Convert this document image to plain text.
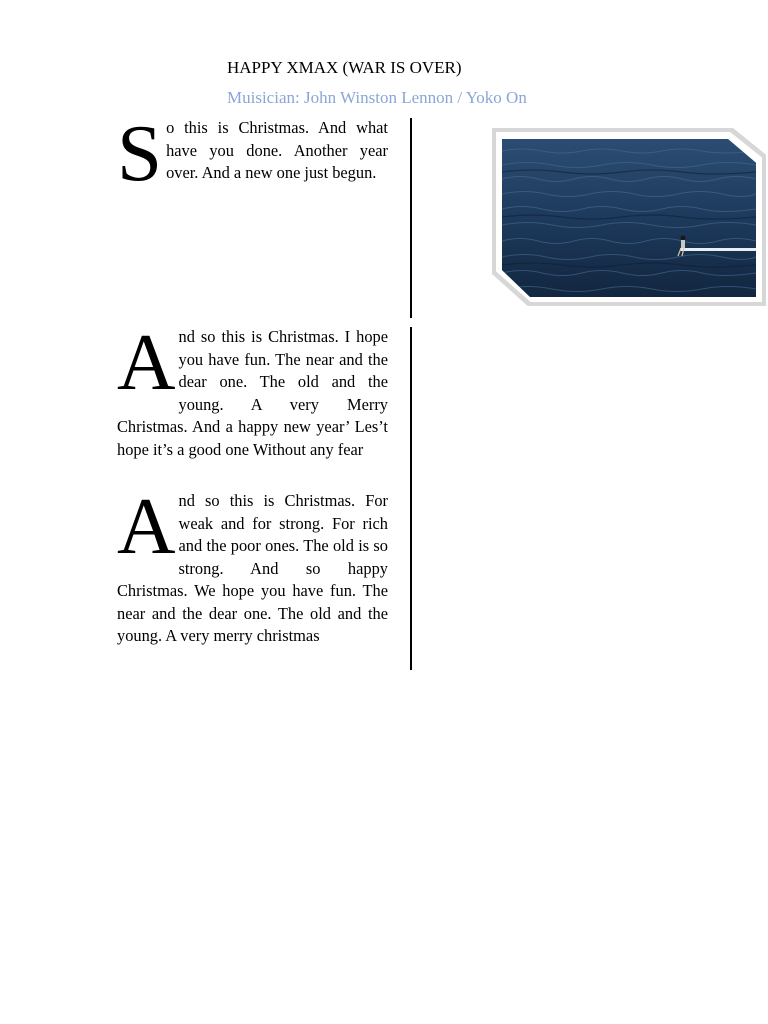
HAPPY XMAX (WAR IS OVER)
Muisician: John Winston Lennon / Yoko On

S o this is Christmas. And what have you done. Another year over. And a new one just begun.

A nd so this is Christmas. I hope you have fun. The near and the dear one. The old and the young. A very Merry Christmas. And a happy new year’ Les’t hope it’s a good one Without any fear

A nd so this is Christmas. For weak and for strong. For rich and the poor ones. The old is so strong. And so happy Christmas. We hope you have fun. The near and the dear one. The old and the young. A very merry christmas
